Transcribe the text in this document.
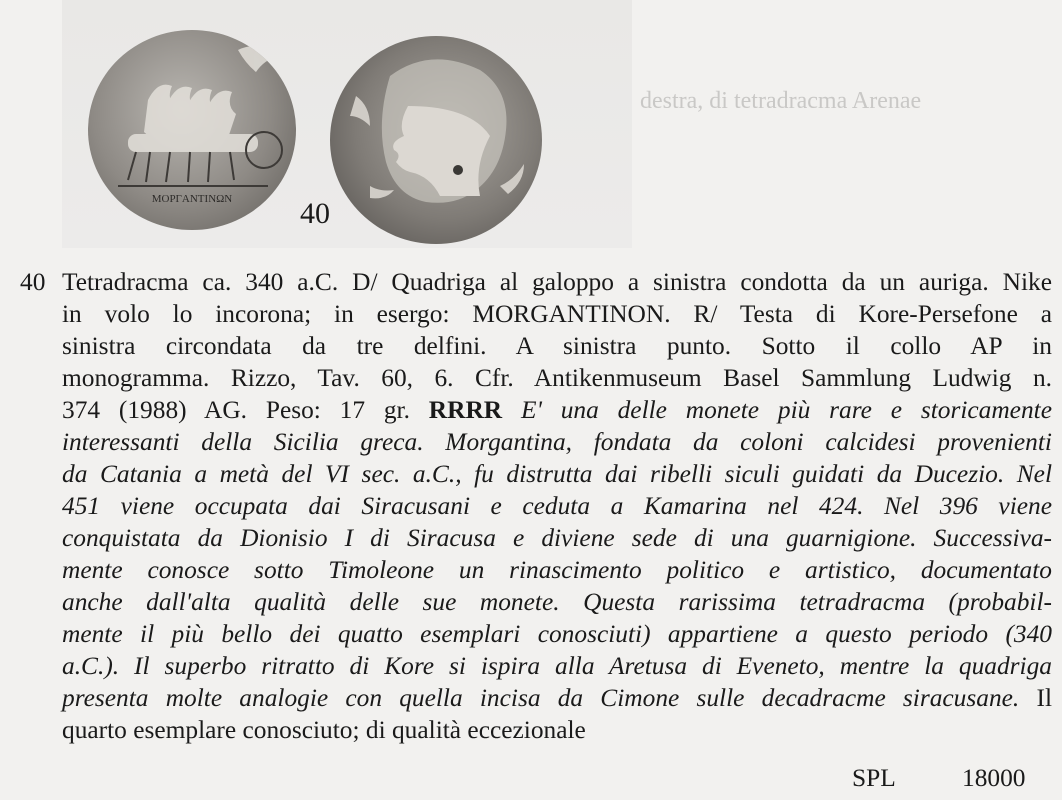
MOPΓANTINΩN 40
destra, di tetradracma Arenae
40 Tetradracma ca. 340 a.C. D/ Quadriga al galoppo a sinistra condotta da un auriga. Nike
in volo lo incorona; in esergo: MORGANTINON. R/ Testa di Kore-Persefone a
sinistra circondata da tre delfini. A sinistra punto. Sotto il collo AP in
monogramma. Rizzo, Tav. 60, 6. Cfr. Antikenmuseum Basel Sammlung Ludwig n.
374 (1988) AG. Peso: 17 gr. RRRR E' una delle monete più rare e storicamente
interessanti della Sicilia greca. Morgantina, fondata da coloni calcidesi provenienti
da Catania a metà del VI sec. a.C., fu distrutta dai ribelli siculi guidati da Ducezio. Nel
451 viene occupata dai Siracusani e ceduta a Kamarina nel 424. Nel 396 viene
conquistata da Dionisio I di Siracusa e diviene sede di una guarnigione. Successiva-
mente conosce sotto Timoleone un rinascimento politico e artistico, documentato
anche dall'alta qualità delle sue monete. Questa rarissima tetradracma (probabil-
mente il più bello dei quatto esemplari conosciuti) appartiene a questo periodo (340
a.C.). Il superbo ritratto di Kore si ispira alla Aretusa di Eveneto, mentre la quadriga
presenta molte analogie con quella incisa da Cimone sulle decadracme siracusane. Il
quarto esemplare conosciuto; di qualità eccezionale
SPL	18000
